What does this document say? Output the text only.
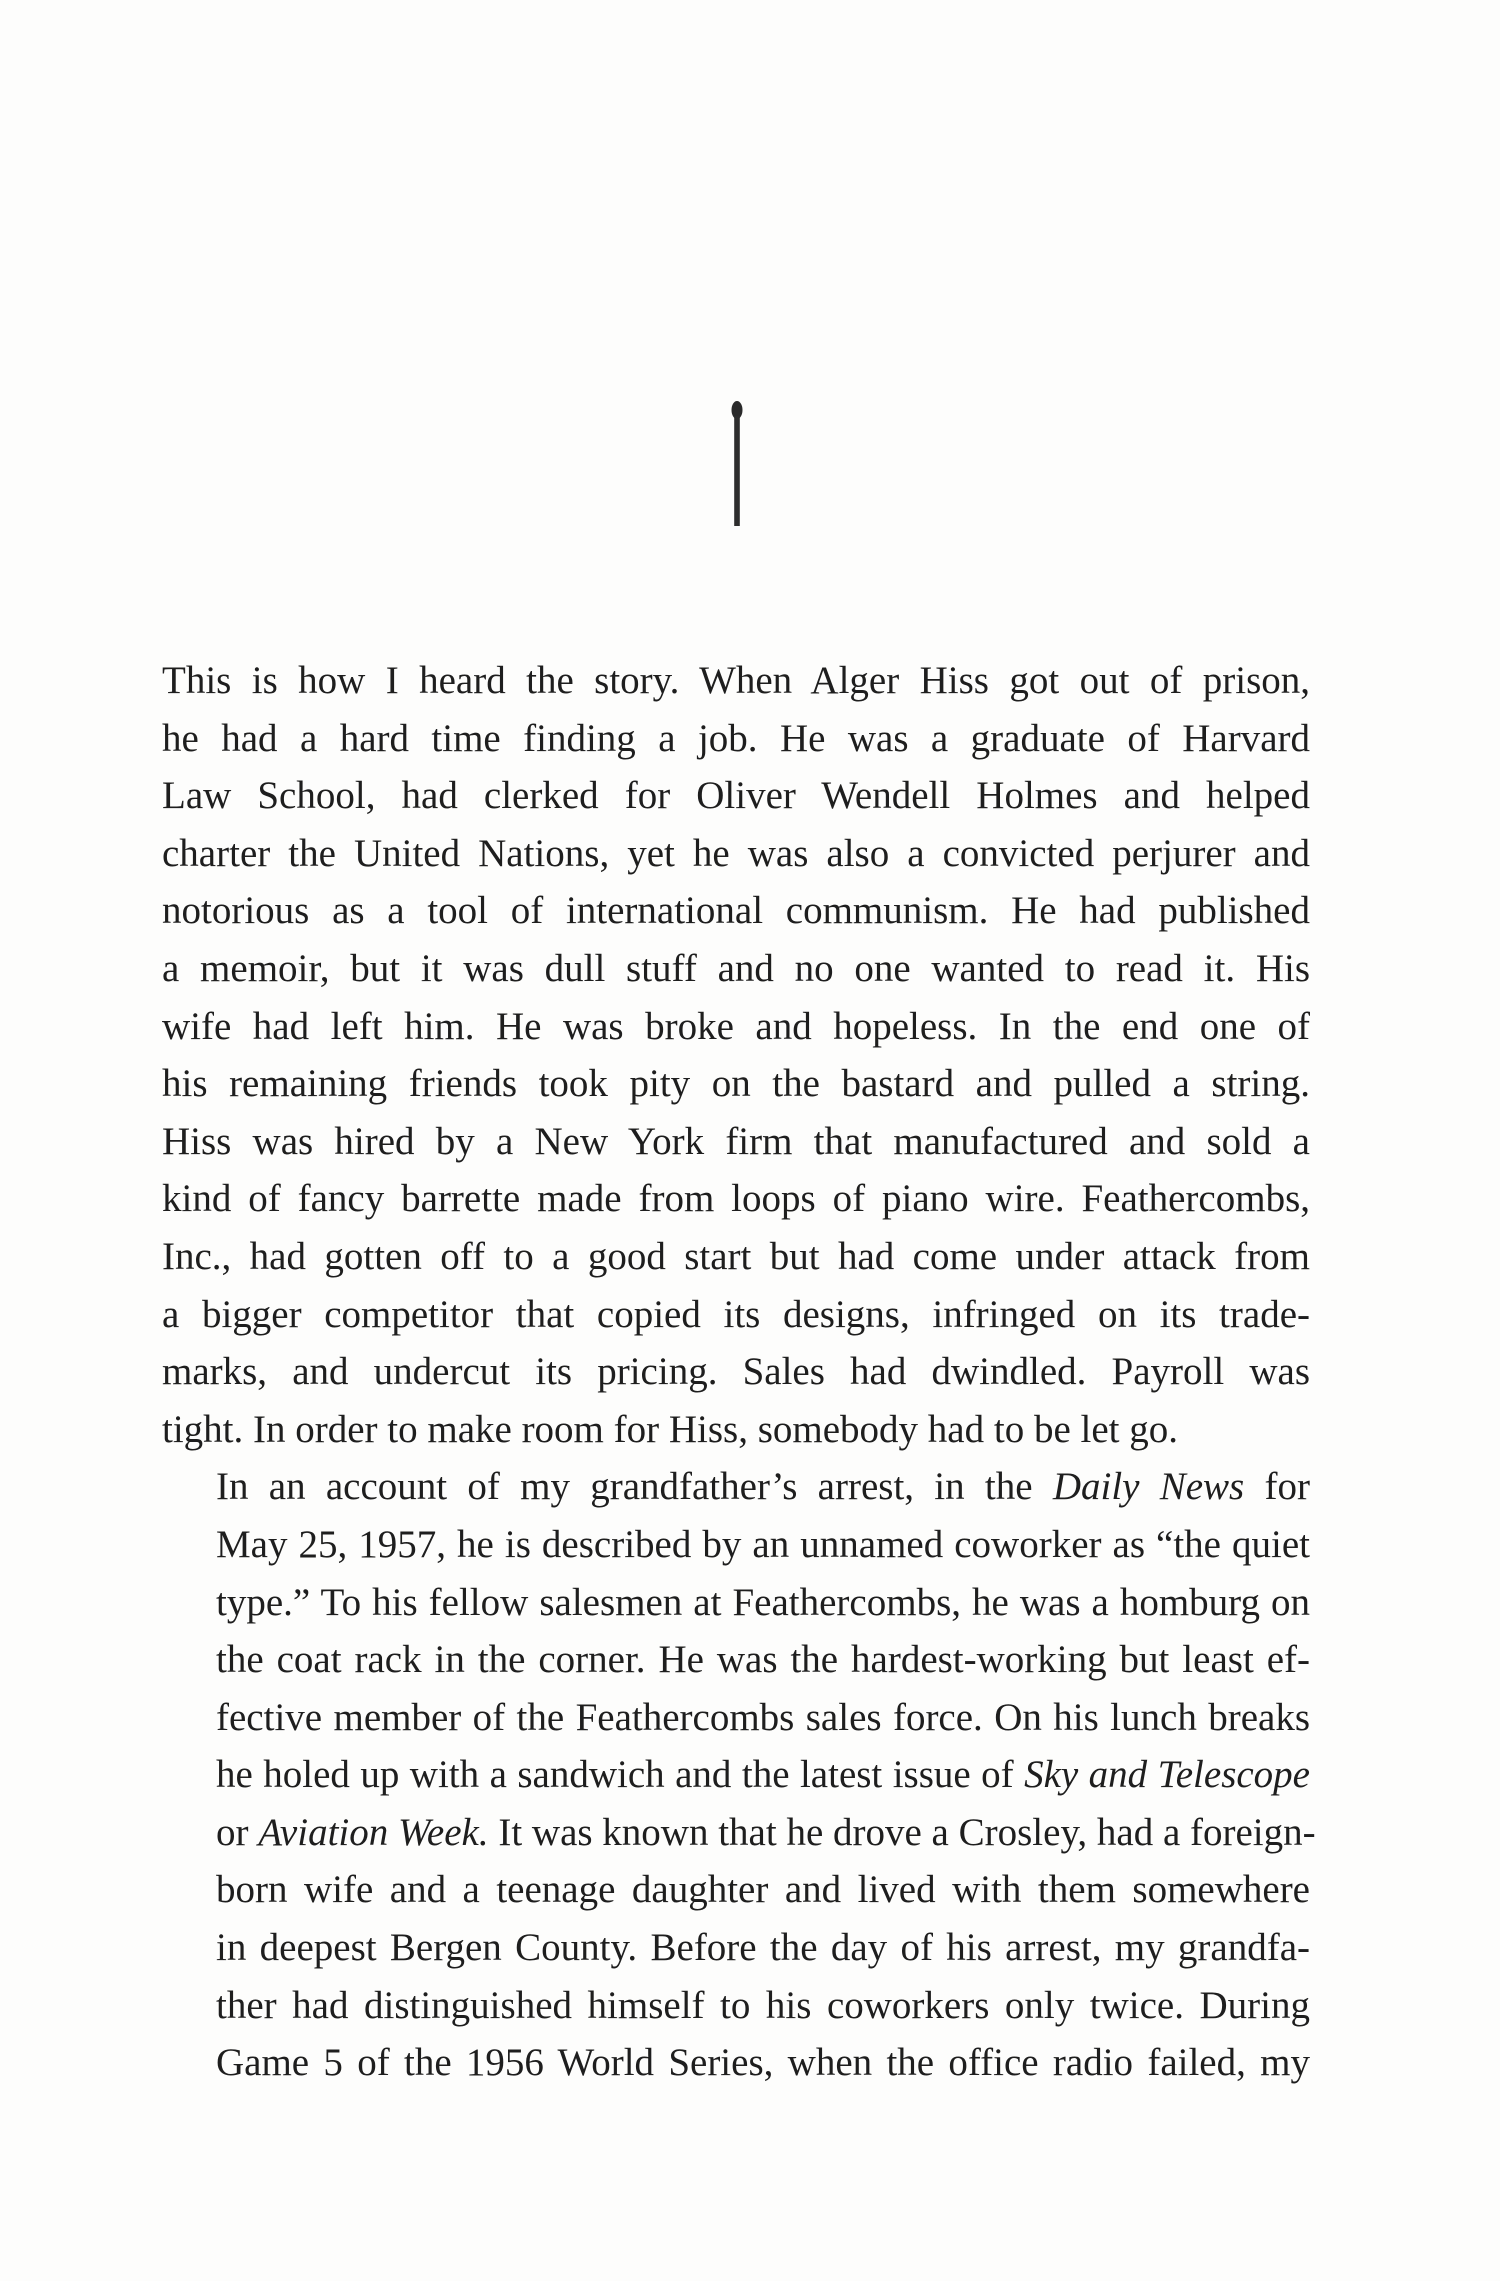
This is how I heard the story. When Alger Hiss got out of prison,
he had a hard time finding a job. He was a graduate of Harvard
Law School, had clerked for Oliver Wendell Holmes and helped
charter the United Nations, yet he was also a convicted perjurer and
notorious as a tool of international communism. He had published
a memoir, but it was dull stuff and no one wanted to read it. His
wife had left him. He was broke and hopeless. In the end one of
his remaining friends took pity on the bastard and pulled a string.
Hiss was hired by a New York firm that manufactured and sold a
kind of fancy barrette made from loops of piano wire. Feathercombs,
Inc., had gotten off to a good start but had come under attack from
a bigger competitor that copied its designs, infringed on its trade-
marks, and undercut its pricing. Sales had dwindled. Payroll was
tight. In order to make room for Hiss, somebody had to be let go.

In an account of my grandfather’s arrest, in the Daily News for
May 25, 1957, he is described by an unnamed coworker as “the quiet
type.” To his fellow salesmen at Feathercombs, he was a homburg on
the coat rack in the corner. He was the hardest-working but least ef-
fective member of the Feathercombs sales force. On his lunch breaks
he holed up with a sandwich and the latest issue of Sky and Telescope
or Aviation Week. It was known that he drove a Crosley, had a foreign-
born wife and a teenage daughter and lived with them somewhere
in deepest Bergen County. Before the day of his arrest, my grandfa-
ther had distinguished himself to his coworkers only twice. During
Game 5 of the 1956 World Series, when the office radio failed, my
